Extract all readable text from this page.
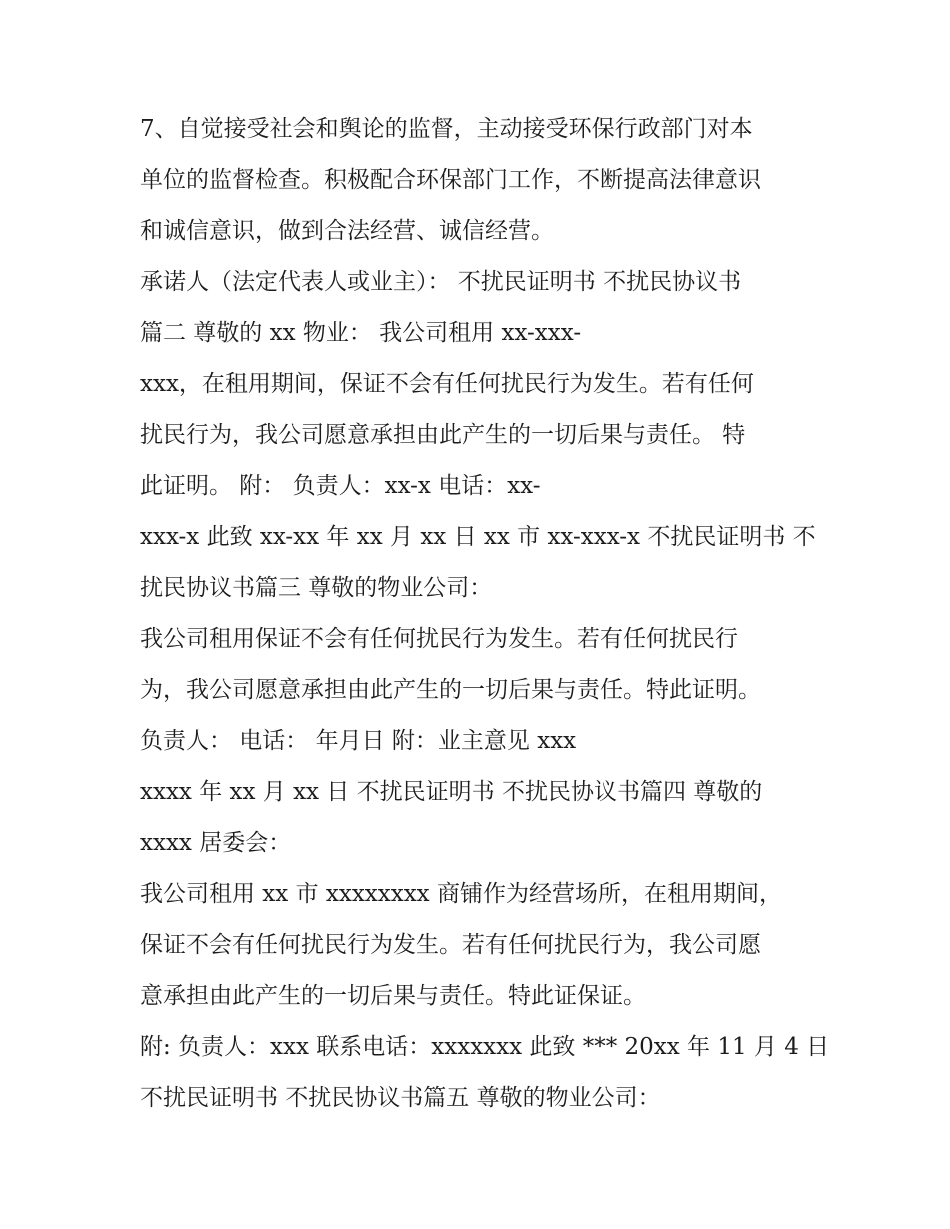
7、自觉接受社会和舆论的监督，主动接受环保行政部门对本
单位的监督检查。积极配合环保部门工作，不断提高法律意识
和诚信意识，做到合法经营、诚信经营。
承诺人（法定代表人或业主）： 不扰民证明书 不扰民协议书
篇二 尊敬的 xx 物业： 我公司租用 xx-xxx-
xxx，在租用期间，保证不会有任何扰民行为发生。若有任何
扰民行为，我公司愿意承担由此产生的一切后果与责任。 特
此证明。 附： 负责人：xx-x 电话：xx-
xxx-x 此致 xx-xx 年 xx 月 xx 日 xx 市 xx-xxx-x 不扰民证明书 不
扰民协议书篇三 尊敬的物业公司：
我公司租用保证不会有任何扰民行为发生。若有任何扰民行
为，我公司愿意承担由此产生的一切后果与责任。特此证明。
负责人： 电话： 年月日 附：业主意见 xxx
xxxx 年 xx 月 xx 日 不扰民证明书 不扰民协议书篇四 尊敬的
xxxx 居委会：
我公司租用 xx 市 xxxxxxxx 商铺作为经营场所，在租用期间，
保证不会有任何扰民行为发生。若有任何扰民行为，我公司愿
意承担由此产生的一切后果与责任。特此证保证。
附: 负责人：xxx 联系电话：xxxxxxx 此致 *** 20xx 年 11 月 4 日
不扰民证明书 不扰民协议书篇五 尊敬的物业公司：
